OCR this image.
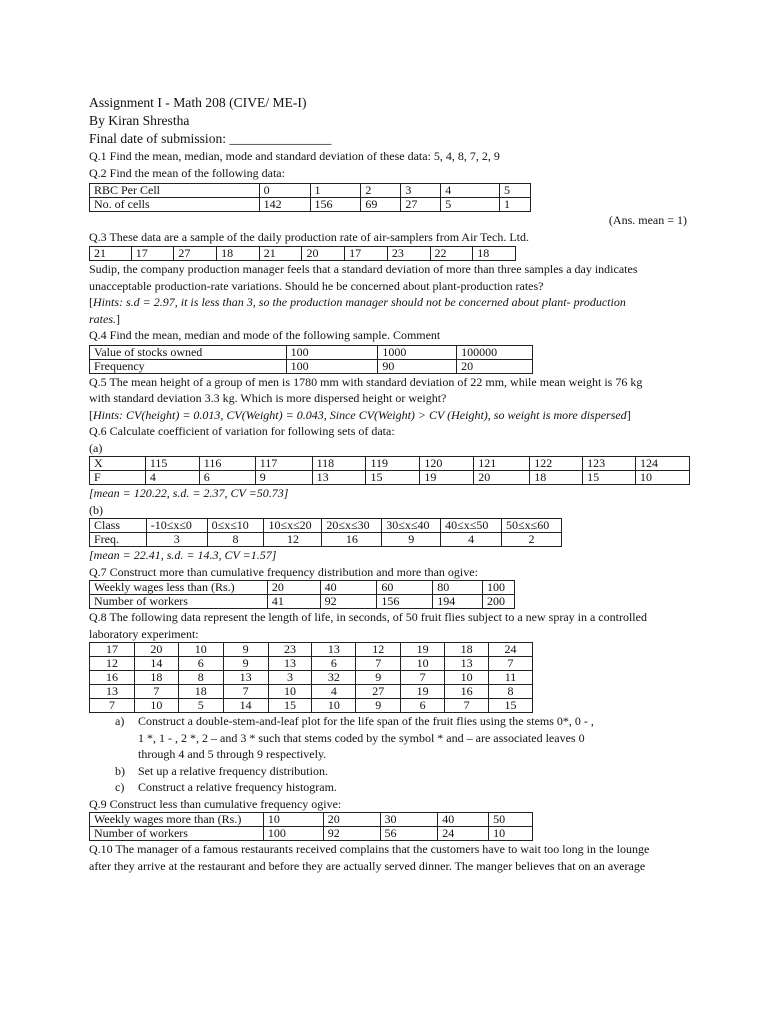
Assignment I - Math 208 (CIVE/ ME-I)
By Kiran Shrestha
Final date of submission: _______________
Q.1 Find the mean, median, mode and standard deviation of these data: 5, 4, 8, 7, 2, 9
Q.2 Find the mean of the following data:
RBC Per Cell	0	1	2	3	4	5
No. of cells	142	156	69	27	5	1
(Ans. mean = 1)
Q.3 These data are a sample of the daily production rate of air-samplers from Air Tech. Ltd.
21	17	27	18	21	20	17	23	22	18
Sudip, the company production manager feels that a standard deviation of more than three samples a day indicates
unacceptable production-rate variations. Should he be concerned about plant-production rates?
[Hints: s.d = 2.97, it is less than 3, so the production manager should not be concerned about plant- production
rates.]
Q.4 Find the mean, median and mode of the following sample. Comment
Value of stocks owned	100	1000	100000
Frequency	100	90	20
Q.5 The mean height of a group of men is 1780 mm with standard deviation of 22 mm, while mean weight is 76 kg
with standard deviation 3.3 kg. Which is more dispersed height or weight?
[Hints: CV(height) = 0.013, CV(Weight) = 0.043, Since CV(Weight) > CV (Height), so weight is more dispersed]
Q.6 Calculate coefficient of variation for following sets of data:
(a)
X	115	116	117	118	119	120	121	122	123	124
F	4	6	9	13	15	19	20	18	15	10
[mean = 120.22, s.d. = 2.37, CV =50.73]
(b)
Class	-10≤x≤0	0≤x≤10	10≤x≤20	20≤x≤30	30≤x≤40	40≤x≤50	50≤x≤60
Freq.	3	8	12	16	9	4	2
[mean = 22.41, s.d. = 14.3, CV =1.57]
Q.7 Construct more than cumulative frequency distribution and more than ogive:
Weekly wages less than (Rs.)	20	40	60	80	100
Number of workers	41	92	156	194	200
Q.8 The following data represent the length of life, in seconds, of 50 fruit flies subject to a new spray in a controlled
laboratory experiment:
17	20	10	9	23	13	12	19	18	24
12	14	6	9	13	6	7	10	13	7
16	18	8	13	3	32	9	7	10	11
13	7	18	7	10	4	27	19	16	8
7	10	5	14	15	10	9	6	7	15
a)	Construct a double-stem-and-leaf plot for the life span of the fruit flies using the stems 0*, 0 - , 1 *, 1 - , 2 *, 2 – and 3 * such that stems coded by the symbol * and – are associated leaves 0 through 4 and 5 through 9 respectively.
b)	Set up a relative frequency distribution.
c)	Construct a relative frequency histogram.
Q.9 Construct less than cumulative frequency ogive:
Weekly wages more than (Rs.)	10	20	30	40	50
Number of workers	100	92	56	24	10
Q.10 The manager of a famous restaurants received complains that the customers have to wait too long in the lounge
after they arrive at the restaurant and before they are actually served dinner. The manger believes that on an average
